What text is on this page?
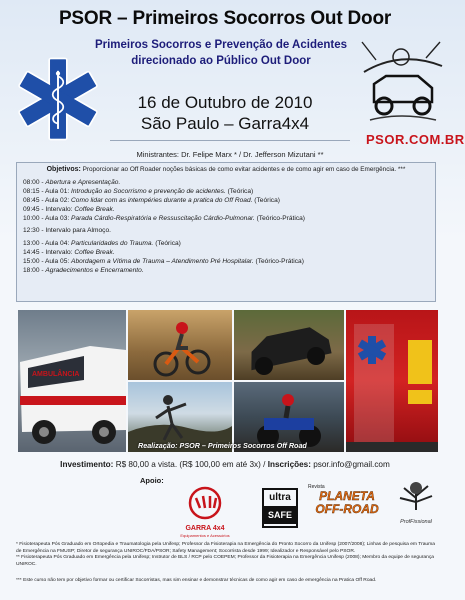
PSOR – Primeiros Socorros Out Door
Primeiros Socorros e Prevenção de Acidentes
direcionado ao Público Out Door
PSOR.COM.BR
16 de Outubro de 2010
São Paulo – Garra4x4
Ministrantes: Dr. Felipe Marx * / Dr. Jefferson Mizutani **
Objetivos: Proporcionar ao Off Roader noções básicas de como evitar acidentes e de como agir em caso de Emergência. ***
08:00 - Abertura e Apresentação.
08:15 - Aula 01: Introdução ao Socorrismo e prevenção de acidentes. (Teórica)
08:45 - Aula 02: Como lidar com as intempéries durante a pratica do Off Road. (Teórica)
09:45 - Intervalo: Coffee Break.
10:00 - Aula 03: Parada Cárdio-Respiratória e Ressuscitação Cárdio-Pulmonar. (Teórico-Prática)
12:30 - Intervalo para Almoço.
13:00 - Aula 04: Particularidades do Trauma. (Teórica)
14:45 - Intervalo: Coffee Break.
15:00 - Aula 05: Abordagem a Vítima de Trauma – Atendimento Pré Hospitalar. (Teórico-Prática)
18:00 - Agradecimentos e Encerramento.
AMBULÂNCIA
Realização: PSOR – Primeiros Socorros Off Road
Investimento: R$ 80,00 a vista. (R$ 100,00 em até 3x) / Inscrições: psor.info@gmail.com
Apoio:
GARRA 4x4
Equipamentos e Acessórios
ultra
SAFE
Revista
PLANETA
OFF-ROAD
ProfFissional
* Fisioterapeuta Pós Graduado em Ortopedia e Traumatologia pela Unifesp; Professor da Fisioterapia na Emergência do Pronto Socorro da Unifesp (2007/2008); Linhas de pesquisa em Trauma de Emergência na FMUSP; Diretor de segurança UNIROC/FDA/PSOR; Safety Management; Socorrista desde 1999; Idealizador e Responsável pelo PSOR.
** Fisioterapeuta Pós Graduado em Emergência pela Unifesp; Instrutor de BLS / RCP pelo COEPEM; Professor da Fisioterapia na Emergência Unifesp (2008); Membro da equipe de segurança UNIROC.
*** Este curso não tem por objetivo formar ou certificar Socorristas, mas sim ensinar e demonstrar técnicas de como agir em caso de emergência na Pratica Off Road.
